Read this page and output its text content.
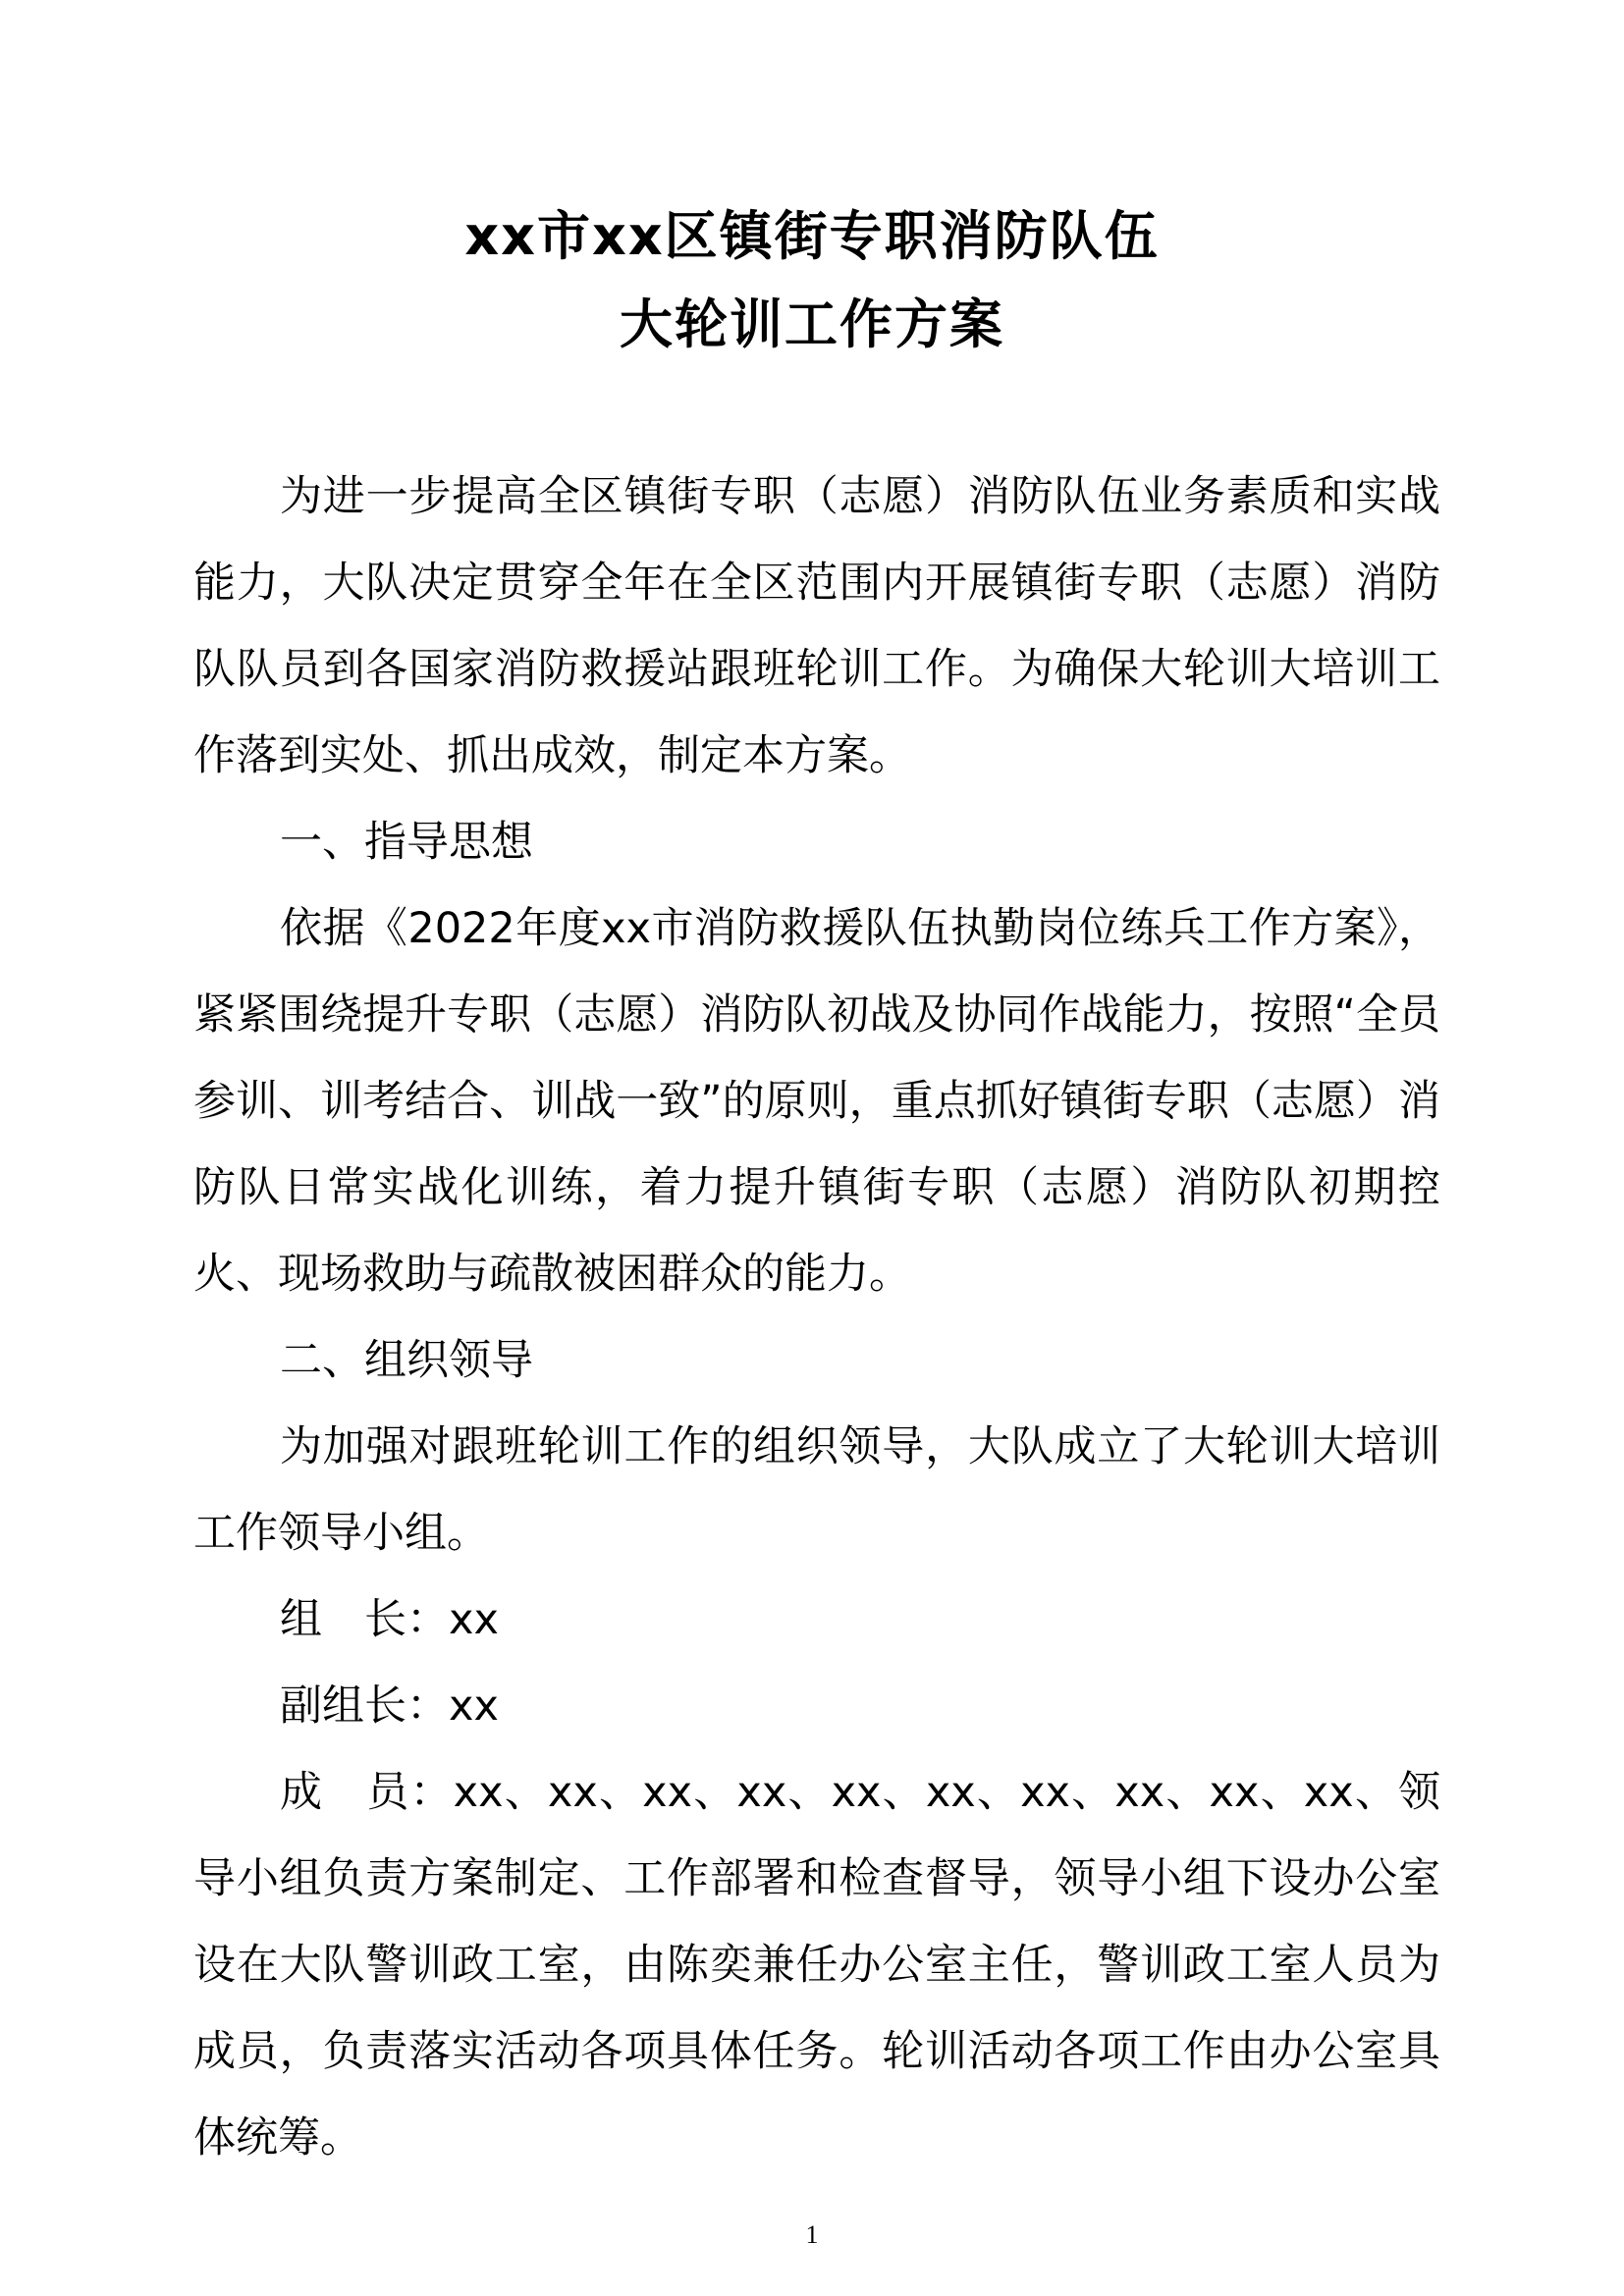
xx市xx区镇街专职消防队伍
大轮训工作方案

为进一步提高全区镇街专职（志愿）消防队伍业务素质和实战能力，大队决定贯穿全年在全区范围内开展镇街专职（志愿）消防队队员到各国家消防救援站跟班轮训工作。为确保大轮训大培训工作落到实处、抓出成效，制定本方案。

一、指导思想

依据《2022年度xx市消防救援队伍执勤岗位练兵工作方案》，紧紧围绕提升专职（志愿）消防队初战及协同作战能力，按照“全员参训、训考结合、训战一致”的原则，重点抓好镇街专职（志愿）消防队日常实战化训练，着力提升镇街专职（志愿）消防队初期控火、现场救助与疏散被困群众的能力。

二、组织领导

为加强对跟班轮训工作的组织领导，大队成立了大轮训大培训工作领导小组。

组　长：xx

副组长：xx

成　员：xx、xx、xx、xx、xx、xx、xx、xx、xx、xx、领导小组负责方案制定、工作部署和检查督导，领导小组下设办公室设在大队警训政工室，由陈奕兼任办公室主任，警训政工室人员为成员，负责落实活动各项具体任务。轮训活动各项工作由办公室具体统筹。

1
